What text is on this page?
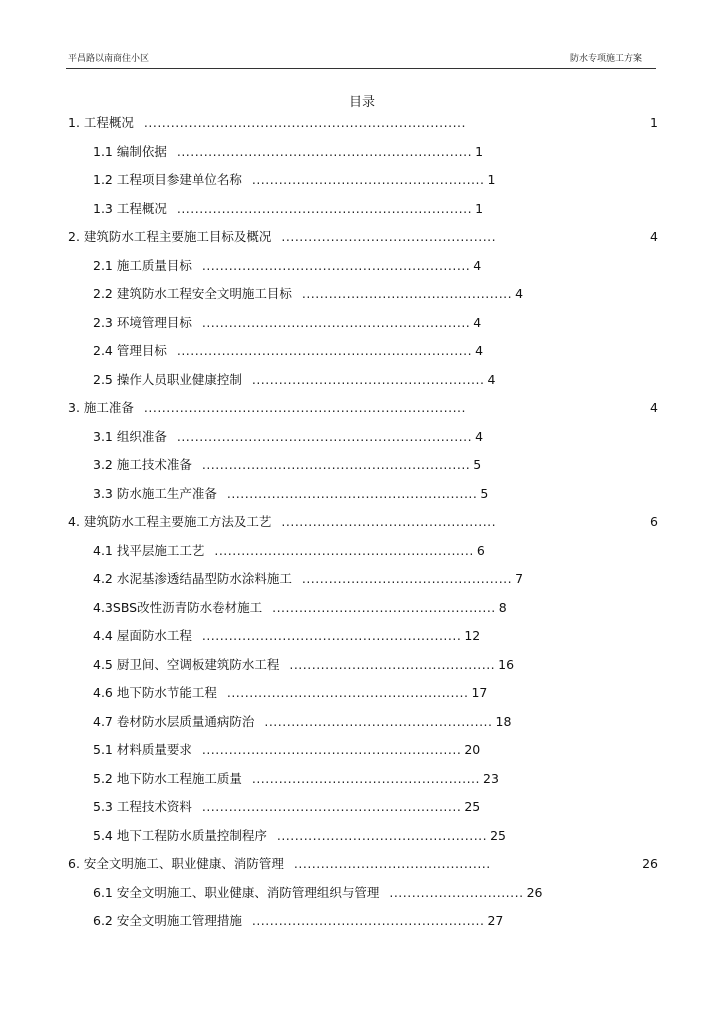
平昌路以南商住小区	防水专项施工方案
目录
1. 工程概况 ........................................................................	1
1.1 编制依据 .................................................................. 1
1.2 工程项目参建单位名称 .................................................... 1
1.3 工程概况 .................................................................. 1
2. 建筑防水工程主要施工目标及概况 ................................................	4
2.1 施工质量目标 ............................................................ 4
2.2 建筑防水工程安全文明施工目标 ............................................... 4
2.3 环境管理目标 ............................................................ 4
2.4 管理目标 .................................................................. 4
2.5 操作人员职业健康控制 .................................................... 4
3. 施工准备 ........................................................................	4
3.1 组织准备 .................................................................. 4
3.2 施工技术准备 ............................................................ 5
3.3 防水施工生产准备 ........................................................ 5
4. 建筑防水工程主要施工方法及工艺 ................................................	6
4.1 找平层施工工艺 .......................................................... 6
4.2 水泥基渗透结晶型防水涂料施工 ............................................... 7
4.3SBS改性沥青防水卷材施工 .................................................. 8
4.4 屋面防水工程 .......................................................... 12
4.5 厨卫间、空调板建筑防水工程 .............................................. 16
4.6 地下防水节能工程 ...................................................... 17
4.7 卷材防水层质量通病防治 ................................................... 18
5.1 材料质量要求 .......................................................... 20
5.2 地下防水工程施工质量 ................................................... 23
5.3 工程技术资料 .......................................................... 25
5.4 地下工程防水质量控制程序 ............................................... 25
6. 安全文明施工、职业健康、消防管理 ............................................	26
6.1 安全文明施工、职业健康、消防管理组织与管理 .............................. 26
6.2 安全文明施工管理措施 .................................................... 27
